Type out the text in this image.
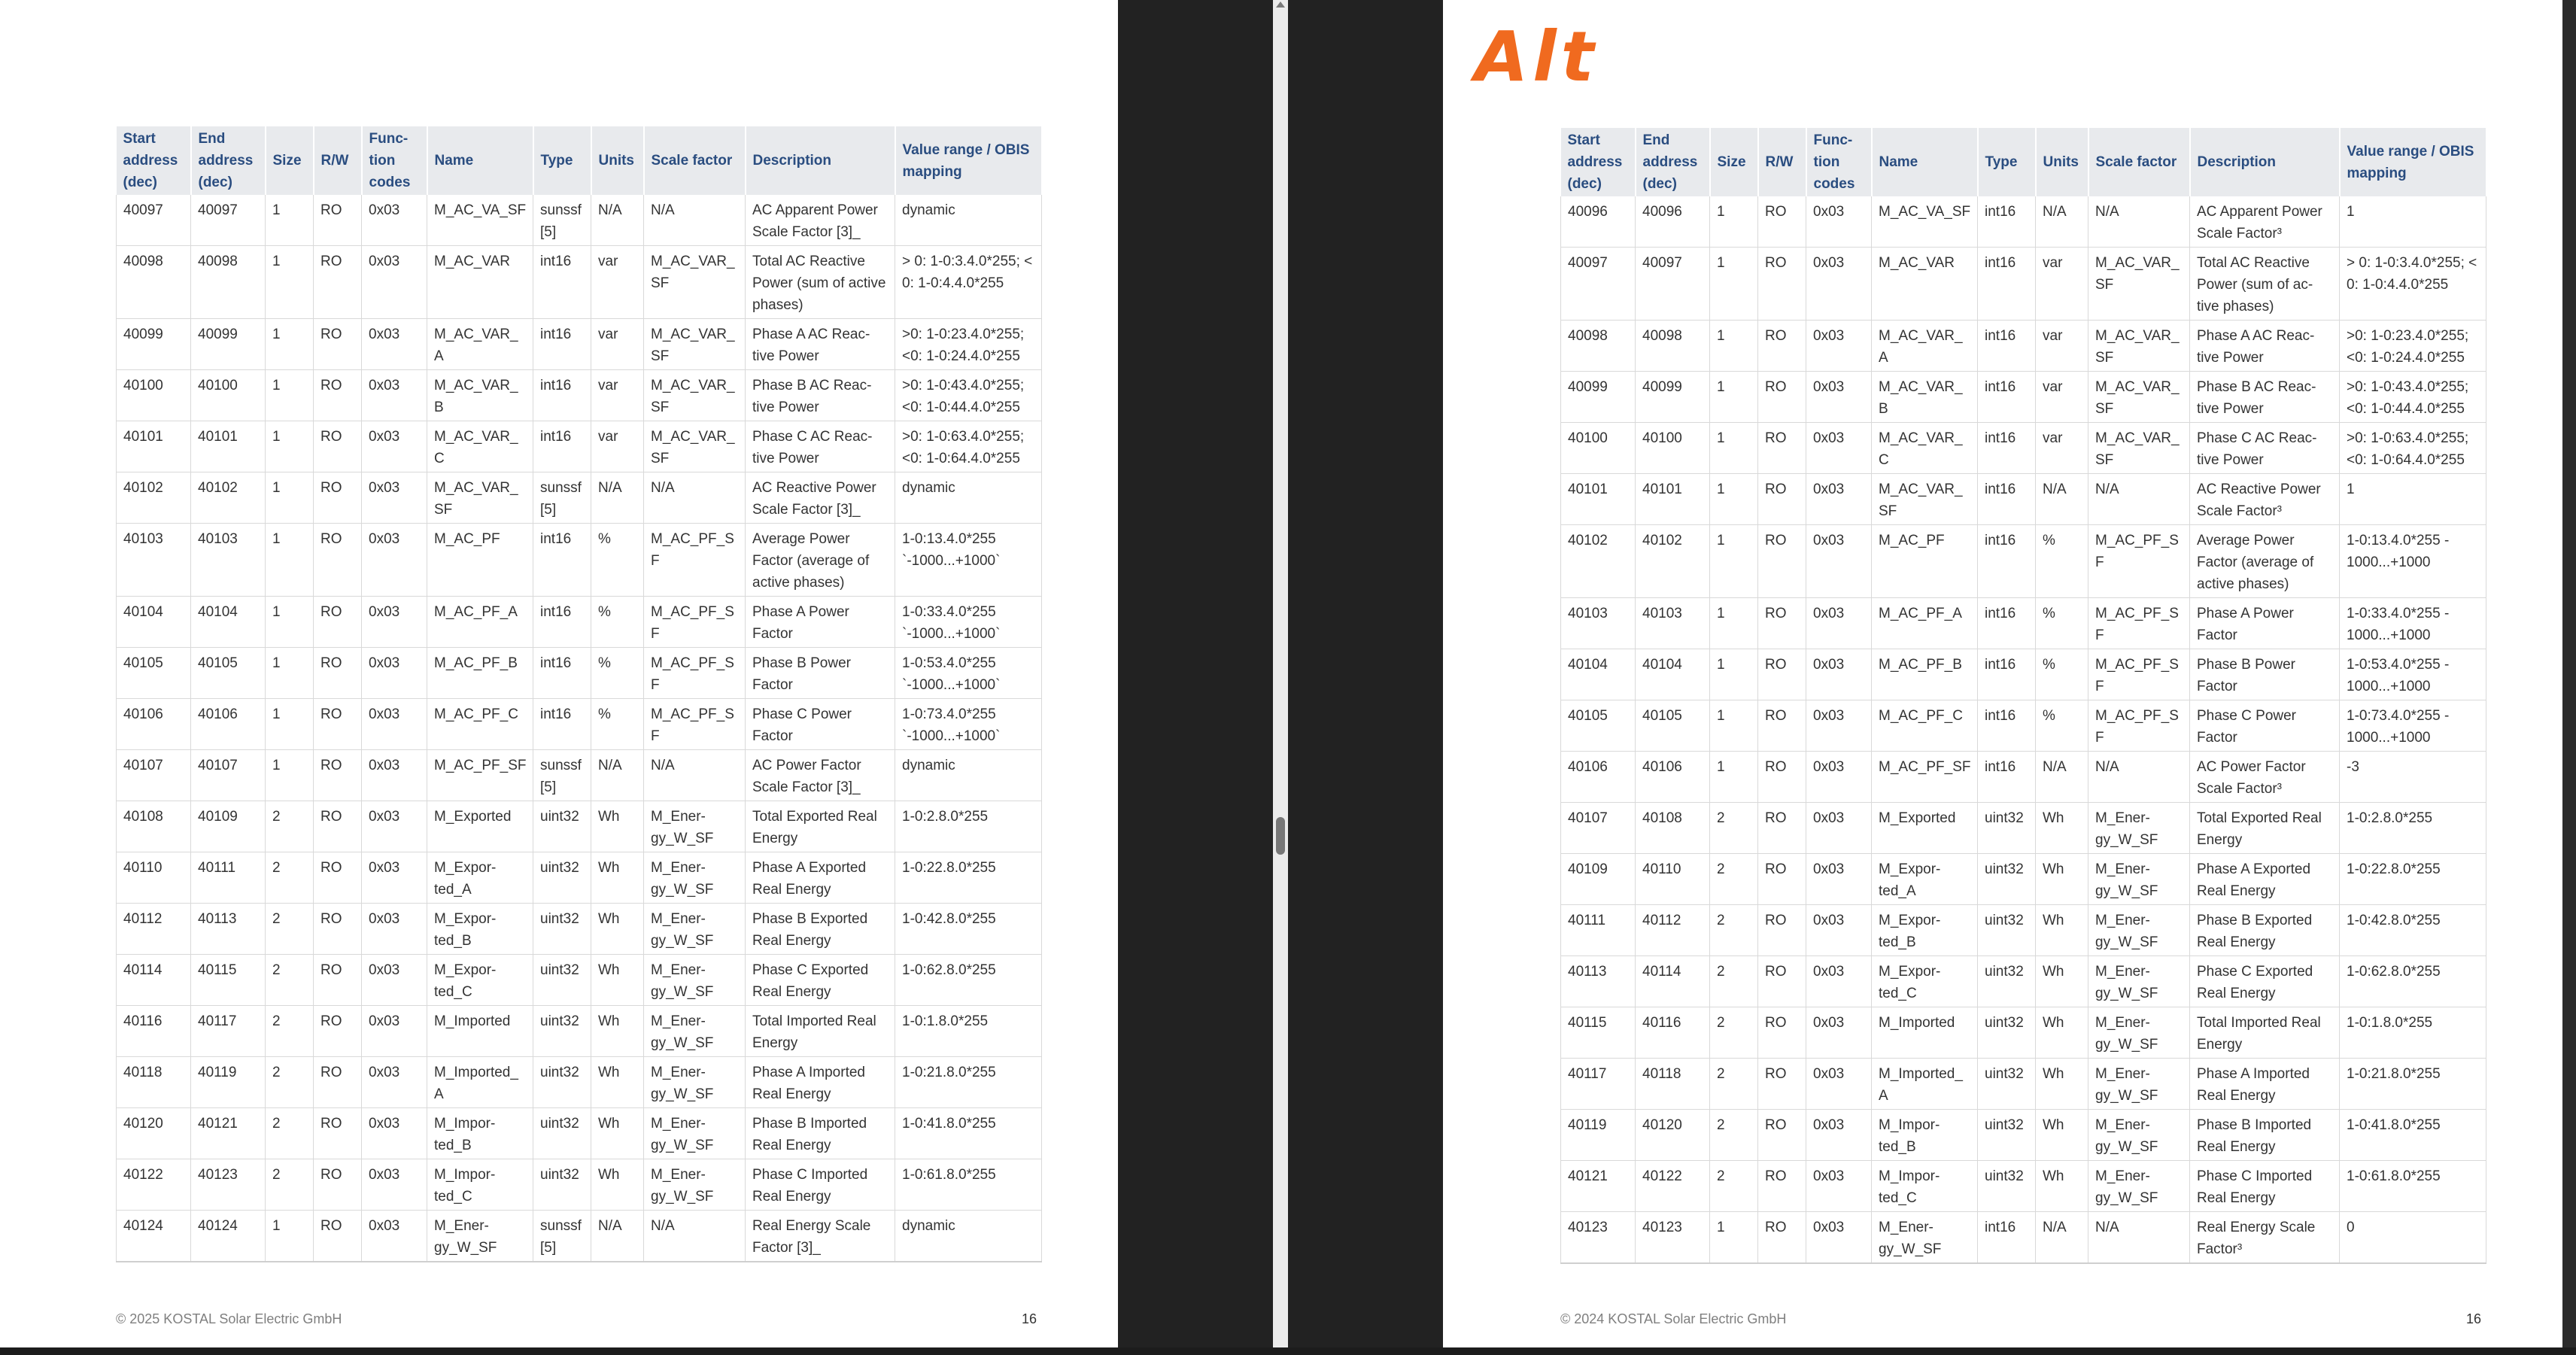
Start address (dec)	End address (dec)	Size	R/W	Func-tion codes	Name	Type	Units	Scale factor	Description	Value range / OBIS mapping
40097	40097	1	RO	0x03	M_AC_VA_SF	sunssf [5]	N/A	N/A	AC Apparent Power Scale Factor [3]_	dynamic
40098	40098	1	RO	0x03	M_AC_VAR	int16	var	M_AC_VAR_ SF	Total AC Reactive Power (sum of active phases)	> 0: 1-0:3.4.0*255; < 0: 1-0:4.4.0*255
40099	40099	1	RO	0x03	M_AC_VAR_A	int16	var	M_AC_VAR_ SF	Phase A AC Reac-tive Power	>0: 1-0:23.4.0*255; <0: 1-0:24.4.0*255
40100	40100	1	RO	0x03	M_AC_VAR_B	int16	var	M_AC_VAR_ SF	Phase B AC Reac-tive Power	>0: 1-0:43.4.0*255; <0: 1-0:44.4.0*255
40101	40101	1	RO	0x03	M_AC_VAR_C	int16	var	M_AC_VAR_ SF	Phase C AC Reac-tive Power	>0: 1-0:63.4.0*255; <0: 1-0:64.4.0*255
40102	40102	1	RO	0x03	M_AC_VAR_ SF	sunssf [5]	N/A	N/A	AC Reactive Power Scale Factor [3]_	dynamic
40103	40103	1	RO	0x03	M_AC_PF	int16	%	M_AC_PF_SF	Average Power Factor (average of active phases)	1-0:13.4.0*255 `-1000...+1000`
40104	40104	1	RO	0x03	M_AC_PF_A	int16	%	M_AC_PF_SF	Phase A Power Factor	1-0:33.4.0*255 `-1000...+1000`
40105	40105	1	RO	0x03	M_AC_PF_B	int16	%	M_AC_PF_SF	Phase B Power Factor	1-0:53.4.0*255 `-1000...+1000`
40106	40106	1	RO	0x03	M_AC_PF_C	int16	%	M_AC_PF_SF	Phase C Power Factor	1-0:73.4.0*255 `-1000...+1000`
40107	40107	1	RO	0x03	M_AC_PF_SF	sunssf [5]	N/A	N/A	AC Power Factor Scale Factor [3]_	dynamic
40108	40109	2	RO	0x03	M_Exported	uint32	Wh	M_Ener-gy_W_SF	Total Exported Real Energy	1-0:2.8.0*255
40110	40111	2	RO	0x03	M_Expor-ted_A	uint32	Wh	M_Ener-gy_W_SF	Phase A Exported Real Energy	1-0:22.8.0*255
40112	40113	2	RO	0x03	M_Expor-ted_B	uint32	Wh	M_Ener-gy_W_SF	Phase B Exported Real Energy	1-0:42.8.0*255
40114	40115	2	RO	0x03	M_Expor-ted_C	uint32	Wh	M_Ener-gy_W_SF	Phase C Exported Real Energy	1-0:62.8.0*255
40116	40117	2	RO	0x03	M_Imported	uint32	Wh	M_Ener-gy_W_SF	Total Imported Real Energy	1-0:1.8.0*255
40118	40119	2	RO	0x03	M_Imported_A	uint32	Wh	M_Ener-gy_W_SF	Phase A Imported Real Energy	1-0:21.8.0*255
40120	40121	2	RO	0x03	M_Impor-ted_B	uint32	Wh	M_Ener-gy_W_SF	Phase B Imported Real Energy	1-0:41.8.0*255
40122	40123	2	RO	0x03	M_Impor-ted_C	uint32	Wh	M_Ener-gy_W_SF	Phase C Imported Real Energy	1-0:61.8.0*255
40124	40124	1	RO	0x03	M_Ener-gy_W_SF	sunssf [5]	N/A	N/A	Real Energy Scale Factor [3]_	dynamic
© 2025 KOSTAL Solar Electric GmbH	16
Alt
Start address (dec)	End address (dec)	Size	R/W	Func-tion codes	Name	Type	Units	Scale factor	Description	Value range / OBIS mapping
40096	40096	1	RO	0x03	M_AC_VA_SF	int16	N/A	N/A	AC Apparent Power Scale Factor³	1
40097	40097	1	RO	0x03	M_AC_VAR	int16	var	M_AC_VAR_ SF	Total AC Reactive Power (sum of ac-tive phases)	> 0: 1-0:3.4.0*255; < 0: 1-0:4.4.0*255
40098	40098	1	RO	0x03	M_AC_VAR_A	int16	var	M_AC_VAR_ SF	Phase A AC Reac-tive Power	>0: 1-0:23.4.0*255; <0: 1-0:24.4.0*255
40099	40099	1	RO	0x03	M_AC_VAR_B	int16	var	M_AC_VAR_ SF	Phase B AC Reac-tive Power	>0: 1-0:43.4.0*255; <0: 1-0:44.4.0*255
40100	40100	1	RO	0x03	M_AC_VAR_C	int16	var	M_AC_VAR_ SF	Phase C AC Reac-tive Power	>0: 1-0:63.4.0*255; <0: 1-0:64.4.0*255
40101	40101	1	RO	0x03	M_AC_VAR_ SF	int16	N/A	N/A	AC Reactive Power Scale Factor³	1
40102	40102	1	RO	0x03	M_AC_PF	int16	%	M_AC_PF_SF	Average Power Factor (average of active phases)	1-0:13.4.0*255 - 1000...+1000
40103	40103	1	RO	0x03	M_AC_PF_A	int16	%	M_AC_PF_SF	Phase A Power Factor	1-0:33.4.0*255 - 1000...+1000
40104	40104	1	RO	0x03	M_AC_PF_B	int16	%	M_AC_PF_SF	Phase B Power Factor	1-0:53.4.0*255 - 1000...+1000
40105	40105	1	RO	0x03	M_AC_PF_C	int16	%	M_AC_PF_SF	Phase C Power Factor	1-0:73.4.0*255 - 1000...+1000
40106	40106	1	RO	0x03	M_AC_PF_SF	int16	N/A	N/A	AC Power Factor Scale Factor³	-3
40107	40108	2	RO	0x03	M_Exported	uint32	Wh	M_Ener-gy_W_SF	Total Exported Real Energy	1-0:2.8.0*255
40109	40110	2	RO	0x03	M_Expor-ted_A	uint32	Wh	M_Ener-gy_W_SF	Phase A Exported Real Energy	1-0:22.8.0*255
40111	40112	2	RO	0x03	M_Expor-ted_B	uint32	Wh	M_Ener-gy_W_SF	Phase B Exported Real Energy	1-0:42.8.0*255
40113	40114	2	RO	0x03	M_Expor-ted_C	uint32	Wh	M_Ener-gy_W_SF	Phase C Exported Real Energy	1-0:62.8.0*255
40115	40116	2	RO	0x03	M_Imported	uint32	Wh	M_Ener-gy_W_SF	Total Imported Real Energy	1-0:1.8.0*255
40117	40118	2	RO	0x03	M_Imported_A	uint32	Wh	M_Ener-gy_W_SF	Phase A Imported Real Energy	1-0:21.8.0*255
40119	40120	2	RO	0x03	M_Impor-ted_B	uint32	Wh	M_Ener-gy_W_SF	Phase B Imported Real Energy	1-0:41.8.0*255
40121	40122	2	RO	0x03	M_Impor-ted_C	uint32	Wh	M_Ener-gy_W_SF	Phase C Imported Real Energy	1-0:61.8.0*255
40123	40123	1	RO	0x03	M_Ener-gy_W_SF	int16	N/A	N/A	Real Energy Scale Factor³	0
© 2024 KOSTAL Solar Electric GmbH	16
